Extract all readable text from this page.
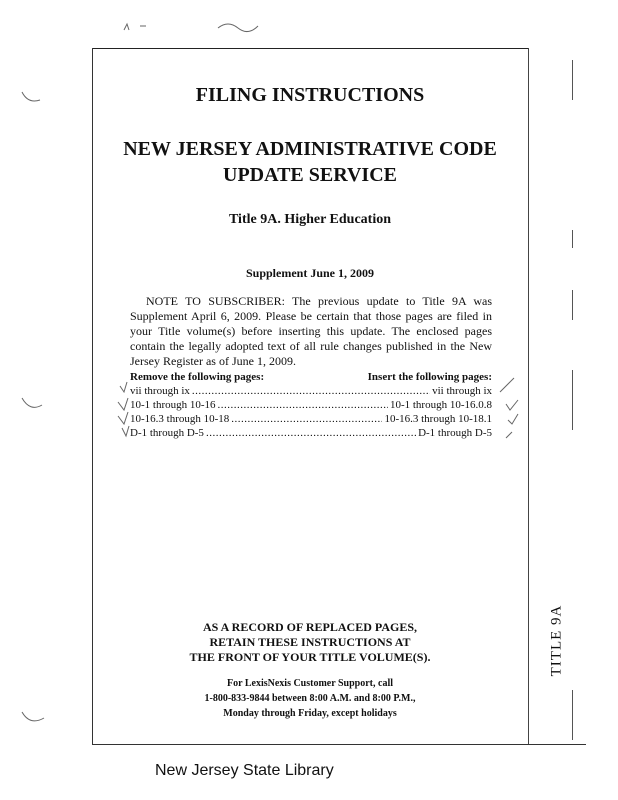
FILING INSTRUCTIONS
NEW JERSEY ADMINISTRATIVE CODE
UPDATE SERVICE
Title 9A. Higher Education
Supplement June 1, 2009
NOTE TO SUBSCRIBER: The previous update to Title 9A was Supplement April 6, 2009. Please be certain that those pages are filed in your Title volume(s) before inserting this update. The enclosed pages contain the legally adopted text of all rule changes published in the New Jersey Register as of June 1, 2009.
Remove the following pages:	Insert the following pages:
vii through ix .....	vii through ix
10-1 through 10-16 .....	10-1 through 10-16.0.8
10-16.3 through 10-18 .....	10-16.3 through 10-18.1
D-1 through D-5 .....	D-1 through D-5
AS A RECORD OF REPLACED PAGES,
RETAIN THESE INSTRUCTIONS AT
THE FRONT OF YOUR TITLE VOLUME(S).
For LexisNexis Customer Support, call
1-800-833-9844 between 8:00 A.M. and 8:00 P.M.,
Monday through Friday, except holidays
TITLE 9A
New Jersey State Library
